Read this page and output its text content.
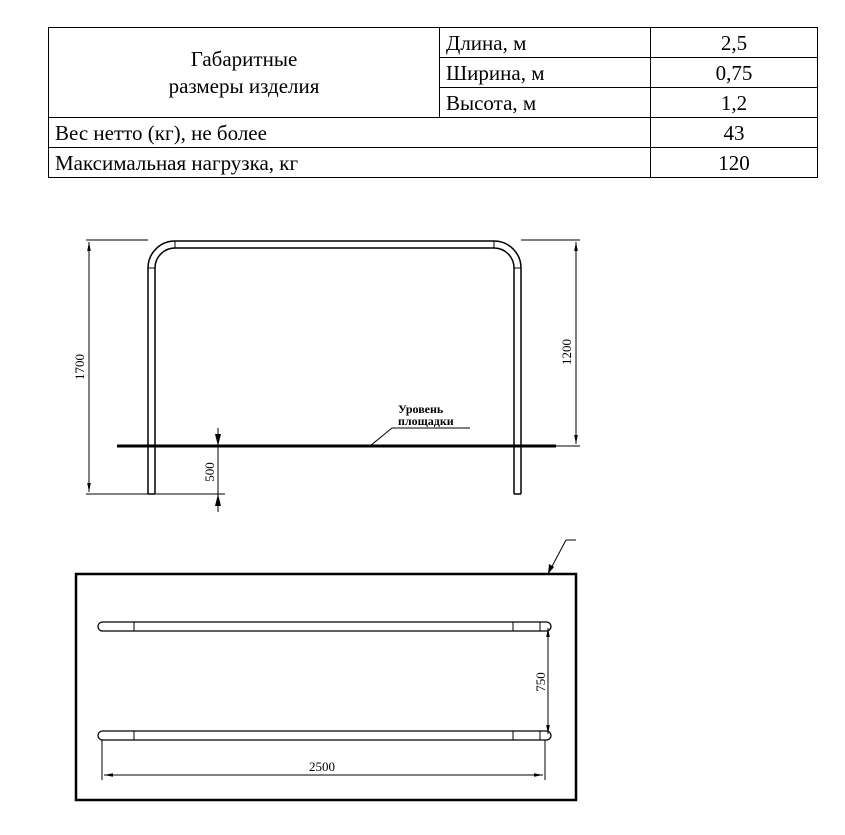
Габаритные
размеры изделия	Длина, м	2,5
	Ширина, м	0,75
	Высота, м	1,2
Вес нетто (кг), не более		43
Максимальная нагрузка, кг		120
Уровень
площадки
1700
1200
500
750
2500
